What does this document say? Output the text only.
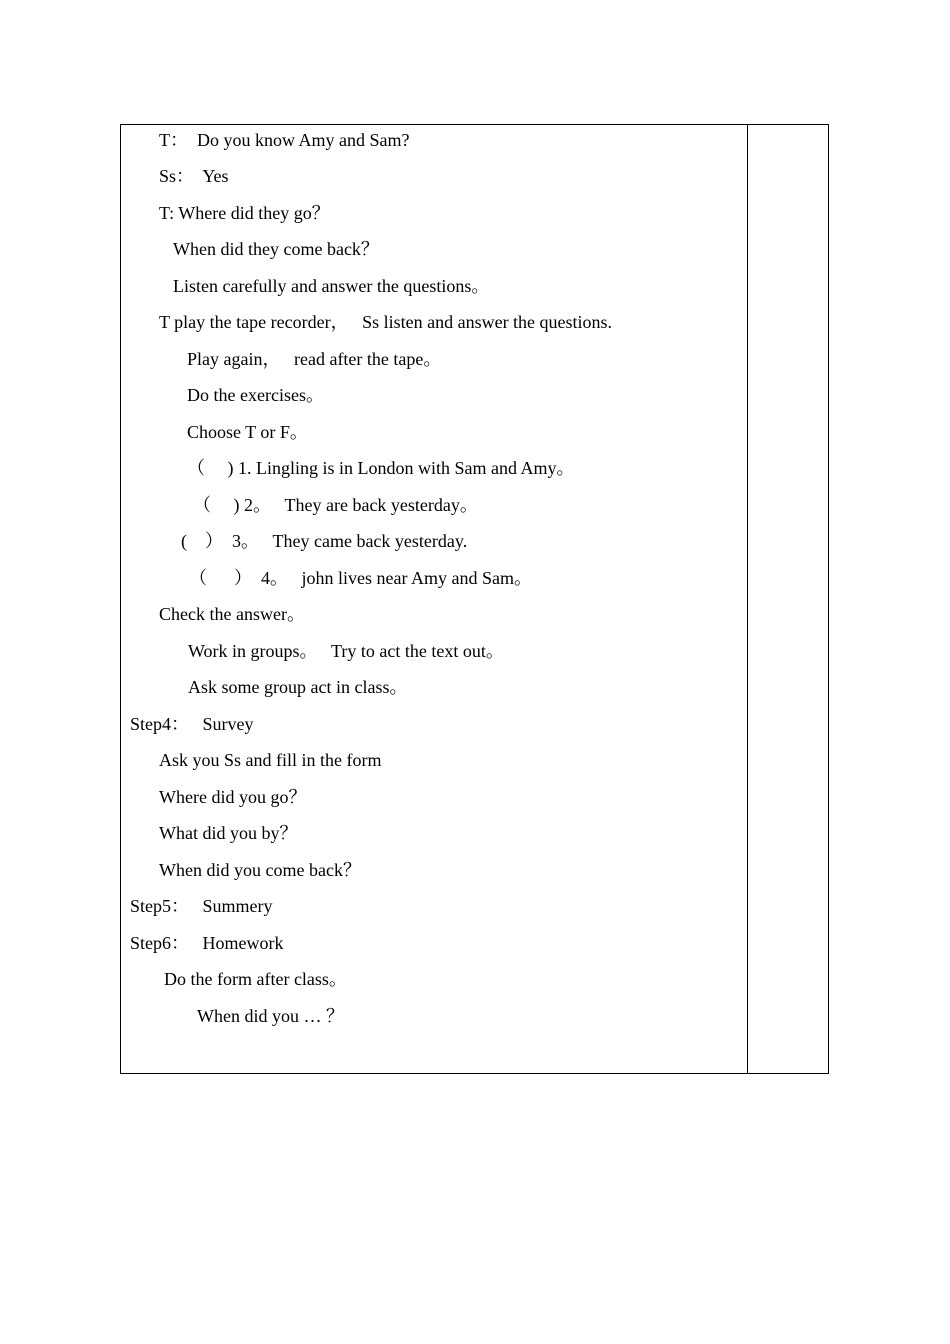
T：  Do you know Amy and Sam?
Ss：  Yes
T: Where did they go？
When did they come back？
Listen carefully and answer the questions。
T play the tape recorder，   Ss listen and answer the questions.
Play again，   read after the tape。
Do the exercises。
Choose T or F。
（     ) 1. Lingling is in London with Sam and Amy。
（     ) 2。   They are back yesterday。
(    ）  3。   They came back yesterday.
（      ）  4。   john lives near Amy and Sam。
Check the answer。
Work in groups。   Try to act the text out。
Ask some group act in class。
Step4：   Survey
Ask you Ss and fill in the form
Where did you go？
What did you by？
When did you come back？
Step5：   Summery
Step6：   Homework
Do the form after class。
When did you … ？
